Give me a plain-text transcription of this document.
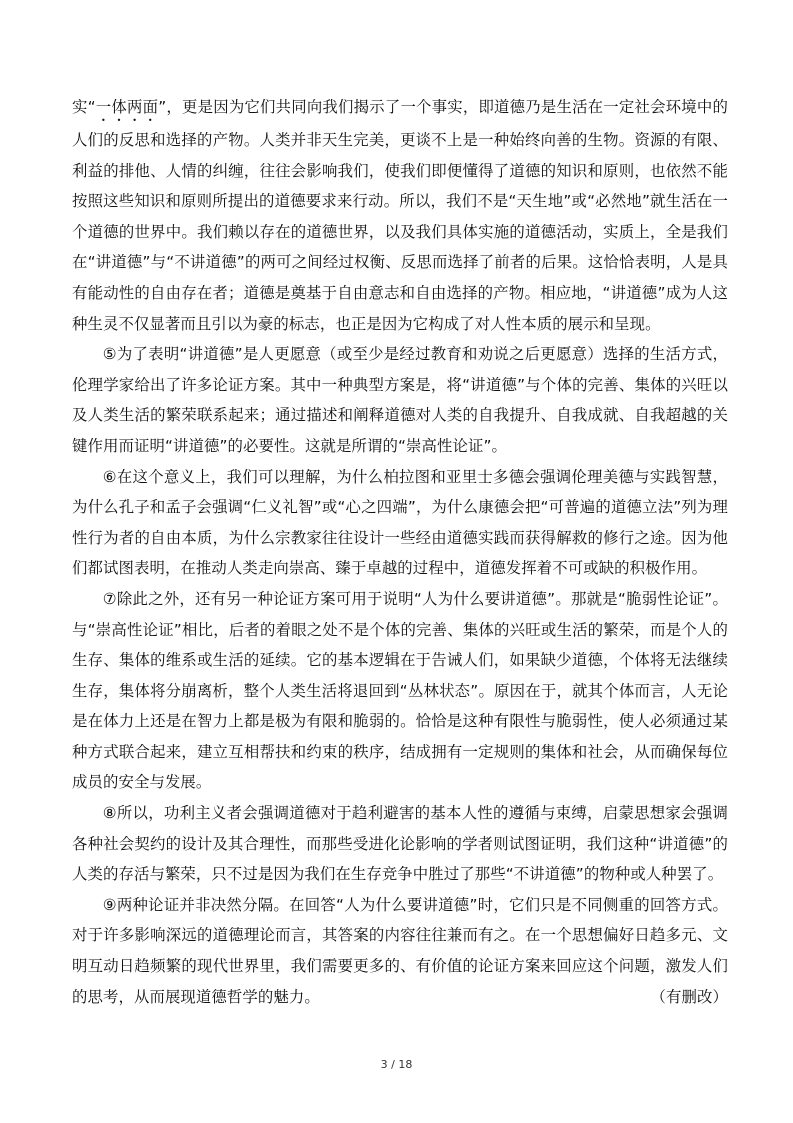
实“一体两面”，更是因为它们共同向我们揭示了一个事实，即道德乃是生活在一定社会环境中的人们的反思和选择的产物。人类并非天生完美，更谈不上是一种始终向善的生物。资源的有限、利益的排他、人情的纠缠，往往会影响我们，使我们即便懂得了道德的知识和原则，也依然不能按照这些知识和原则所提出的道德要求来行动。所以，我们不是“天生地”或“必然地”就生活在一个道德的世界中。我们赖以存在的道德世界，以及我们具体实施的道德活动，实质上，全是我们在“讲道德”与“不讲道德”的两可之间经过权衡、反思而选择了前者的后果。这恰恰表明，人是具有能动性的自由存在者；道德是奠基于自由意志和自由选择的产物。相应地，“讲道德”成为人这种生灵不仅显著而且引以为豪的标志，也正是因为它构成了对人性本质的展示和呈现。

⑤为了表明“讲道德”是人更愿意（或至少是经过教育和劝说之后更愿意）选择的生活方式，伦理学家给出了许多论证方案。其中一种典型方案是，将“讲道德”与个体的完善、集体的兴旺以及人类生活的繁荣联系起来；通过描述和阐释道德对人类的自我提升、自我成就、自我超越的关键作用而证明“讲道德”的必要性。这就是所谓的“崇高性论证”。

⑥在这个意义上，我们可以理解，为什么柏拉图和亚里士多德会强调伦理美德与实践智慧，为什么孔子和孟子会强调“仁义礼智”或“心之四端”，为什么康德会把“可普遍的道德立法”列为理性行为者的自由本质，为什么宗教家往往设计一些经由道德实践而获得解救的修行之途。因为他们都试图表明，在推动人类走向崇高、臻于卓越的过程中，道德发挥着不可或缺的积极作用。

⑦除此之外，还有另一种论证方案可用于说明“人为什么要讲道德”。那就是“脆弱性论证”。与“崇高性论证”相比，后者的着眼之处不是个体的完善、集体的兴旺或生活的繁荣，而是个人的生存、集体的维系或生活的延续。它的基本逻辑在于告诫人们，如果缺少道德，个体将无法继续生存，集体将分崩离析，整个人类生活将退回到“丛林状态”。原因在于，就其个体而言，人无论是在体力上还是在智力上都是极为有限和脆弱的。恰恰是这种有限性与脆弱性，使人必须通过某种方式联合起来，建立互相帮扶和约束的秩序，结成拥有一定规则的集体和社会，从而确保每位成员的安全与发展。

⑧所以，功利主义者会强调道德对于趋利避害的基本人性的遵循与束缚，启蒙思想家会强调各种社会契约的设计及其合理性，而那些受进化论影响的学者则试图证明，我们这种“讲道德”的人类的存活与繁荣，只不过是因为我们在生存竞争中胜过了那些“不讲道德”的物种或人种罢了。

⑨两种论证并非决然分隔。在回答“人为什么要讲道德”时，它们只是不同侧重的回答方式。对于许多影响深远的道德理论而言，其答案的内容往往兼而有之。在一个思想偏好日趋多元、文明互动日趋频繁的现代世界里，我们需要更多的、有价值的论证方案来回应这个问题，激发人们的思考，从而展现道德哲学的魅力。	（有删改）

3 / 18
